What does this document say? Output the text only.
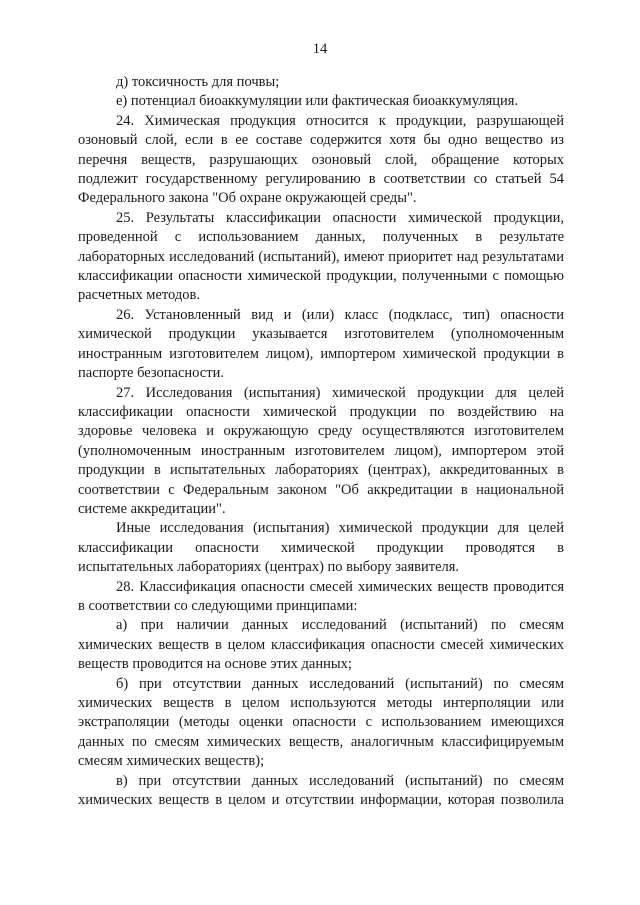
14

д) токсичность для почвы;

е) потенциал биоаккумуляции или фактическая биоаккумуляция.

24. Химическая продукция относится к продукции, разрушающей озоновый слой, если в ее составе содержится хотя бы одно вещество из перечня веществ, разрушающих озоновый слой, обращение которых подлежит государственному регулированию в соответствии со статьей 54 Федерального закона "Об охране окружающей среды".

25. Результаты классификации опасности химической продукции, проведенной с использованием данных, полученных в результате лабораторных исследований (испытаний), имеют приоритет над результатами классификации опасности химической продукции, полученными с помощью расчетных методов.

26. Установленный вид и (или) класс (подкласс, тип) опасности химической продукции указывается изготовителем (уполномоченным иностранным изготовителем лицом), импортером химической продукции в паспорте безопасности.

27. Исследования (испытания) химической продукции для целей классификации опасности химической продукции по воздействию на здоровье человека и окружающую среду осуществляются изготовителем (уполномоченным иностранным изготовителем лицом), импортером этой продукции в испытательных лабораториях (центрах), аккредитованных в соответствии с Федеральным законом "Об аккредитации в национальной системе аккредитации".

Иные исследования (испытания) химической продукции для целей классификации опасности химической продукции проводятся в испытательных лабораториях (центрах) по выбору заявителя.

28. Классификация опасности смесей химических веществ проводится в соответствии со следующими принципами:

а) при наличии данных исследований (испытаний) по смесям химических веществ в целом классификация опасности смесей химических веществ проводится на основе этих данных;

б) при отсутствии данных исследований (испытаний) по смесям химических веществ в целом используются методы интерполяции или экстраполяции (методы оценки опасности с использованием имеющихся данных по смесям химических веществ, аналогичным классифицируемым смесям химических веществ);

в) при отсутствии данных исследований (испытаний) по смесям химических веществ в целом и отсутствии информации, которая позволила
